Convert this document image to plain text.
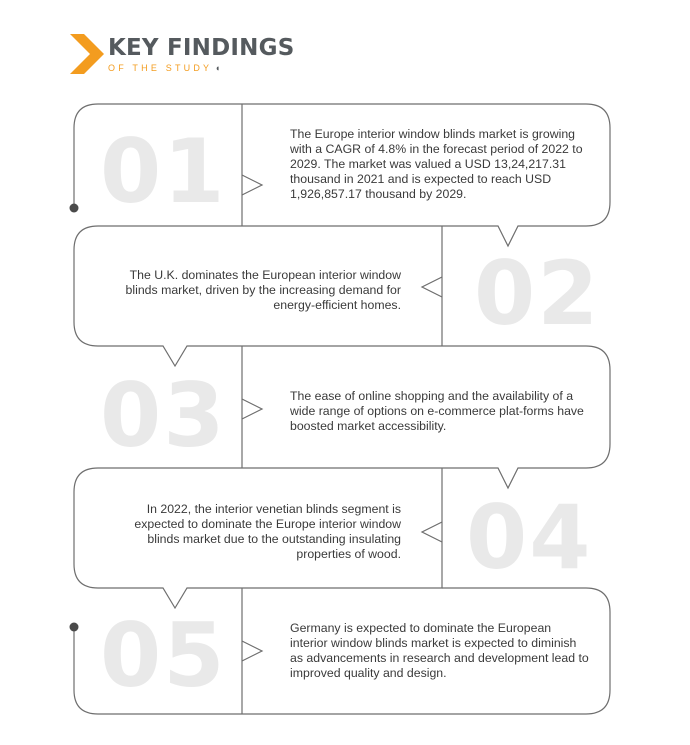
KEY FINDINGS
OF THE STUDY ◖
01
02
03
04
05
The Europe interior window blinds market is growing with a CAGR of 4.8% in the forecast period of 2022 to 2029. The market was valued a USD 13,24,217.31 thousand in 2021 and is expected to reach USD 1,926,857.17 thousand by 2029.
The U.K. dominates the European interior window blinds market, driven by the increasing demand for energy-efficient homes.
The ease of online shopping and the availability of a wide range of options on e-commerce plat-forms have boosted market accessibility.
In 2022, the interior venetian blinds segment is expected to dominate the Europe interior window blinds market due to the outstanding insulating properties of wood.
Germany is expected to dominate the European interior window blinds market is expected to diminish as advancements in research and development lead to improved quality and design.
